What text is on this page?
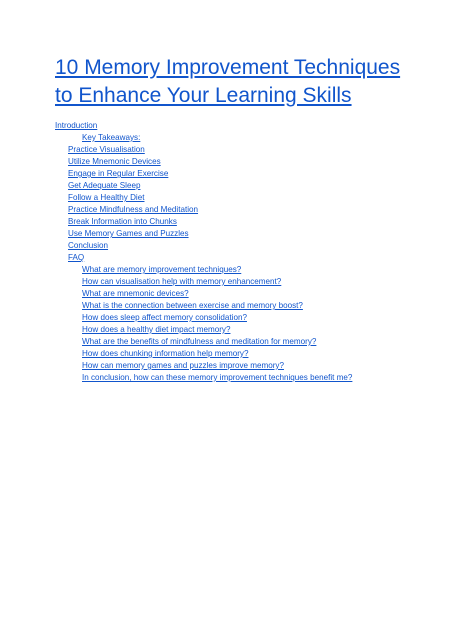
10 Memory Improvement Techniques
to Enhance Your Learning Skills
Introduction
Key Takeaways:
Practice Visualisation
Utilize Mnemonic Devices
Engage in Regular Exercise
Get Adequate Sleep
Follow a Healthy Diet
Practice Mindfulness and Meditation
Break Information into Chunks
Use Memory Games and Puzzles
Conclusion
FAQ
What are memory improvement techniques?
How can visualisation help with memory enhancement?
What are mnemonic devices?
What is the connection between exercise and memory boost?
How does sleep affect memory consolidation?
How does a healthy diet impact memory?
What are the benefits of mindfulness and meditation for memory?
How does chunking information help memory?
How can memory games and puzzles improve memory?
In conclusion, how can these memory improvement techniques benefit me?
